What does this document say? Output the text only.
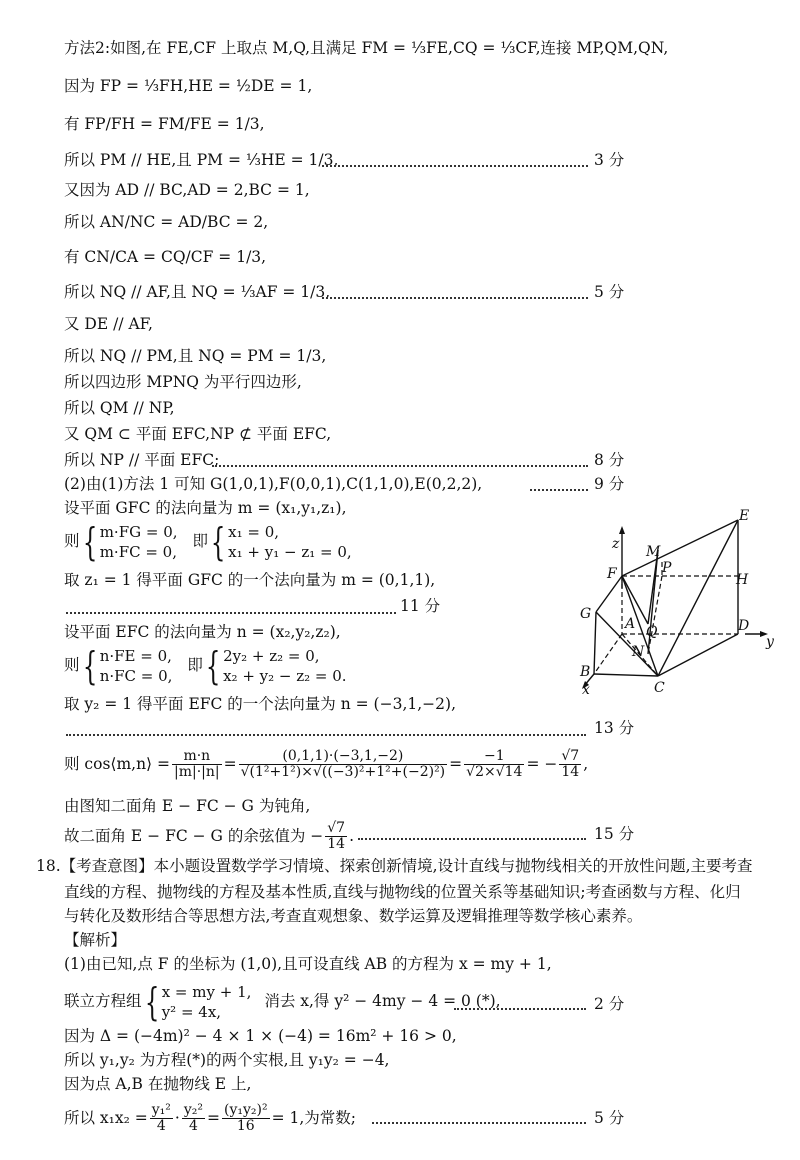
方法2:如图,在 FE,CF 上取点 M,Q,且满足 FM = ⅓FE,CQ = ⅓CF,连接 MP,QM,QN,
因为 FP = ⅓FH,HE = ½DE = 1,
有 FP/FH = FM/FE = 1/3,
所以 PM // HE,且 PM = ⅓HE = 1/3,	3 分
又因为 AD // BC,AD = 2,BC = 1,
所以 AN/NC = AD/BC = 2,
有 CN/CA = CQ/CF = 1/3,
所以 NQ // AF,且 NQ = ⅓AF = 1/3,	5 分
又 DE // AF,
所以 NQ // PM,且 NQ = PM = 1/3,
所以四边形 MPNQ 为平行四边形,
所以 QM // NP,
又 QM ⊂ 平面 EFC,NP ⊄ 平面 EFC,
所以 NP // 平面 EFC;	8 分
(2)由(1)方法 1 可知 G(1,0,1),F(0,0,1),C(1,1,0),E(0,2,2),	9 分
设平面 GFC 的法向量为 m = (x₁,y₁,z₁),
则{ m·FG = 0,
m·FC = 0,
即{ x₁ = 0,
x₁ + y₁ − z₁ = 0,
取 z₁ = 1 得平面 GFC 的一个法向量为 m = (0,1,1),
11 分
设平面 EFC 的法向量为 n = (x₂,y₂,z₂),
则{ n·FE = 0,
n·FC = 0,
即{ 2y₂ + z₂ = 0,
x₂ + y₂ − z₂ = 0.
取 y₂ = 1 得平面 EFC 的一个法向量为 n = (−3,1,−2),
13 分
则 cos⟨m,n⟩ = $\frac{m\cdot n}{|m|\cdot|n|} = \frac{(0,1,1)\cdot(-3,1,-2)}{\text{√(1²+1²)×√((−3)²+1²+(−2)²)}} = \frac{-1}{√2\times√14}$ = − $\frac{√7}{14}$ ,
由图知二面角 E − FC − G 为钝角,
故二面角 E − FC − G 的余弦值为 − $\frac{√7}{14}$ .	15 分
18.【考查意图】本小题设置数学学习情境、探索创新情境,设计直线与抛物线相关的开放性问题,主要考查
直线的方程、抛物线的方程及基本性质,直线与抛物线的位置关系等基础知识;考查函数与方程、化归
与转化及数形结合等思想方法,考查直观想象、数学运算及逻辑推理等数学核心素养。
【解析】
(1)由已知,点 F 的坐标为 (1,0),且可设直线 AB 的方程为 x = my + 1,
联立方程组{ x = my + 1,
y² = 4x,
消去 x,得 y² − 4my − 4 = 0 (*),	2 分
因为 Δ = (−4m)² − 4 × 1 × (−4) = 16m² + 16 > 0,
所以 y₁,y₂ 为方程(*)的两个实根,且 y₁y₂ = −4,
因为点 A,B 在抛物线 E 上,
所以 $x_1x_2 = \frac{\text{y₁²}}{4} \cdot \frac{\text{y₂²}}{4} = \frac{\text{(y₁y₂)²}}{16} = 1$,为常数;	5 分
E
M
P
z
F	H
G
A Q	D
y
N
B
C
x
